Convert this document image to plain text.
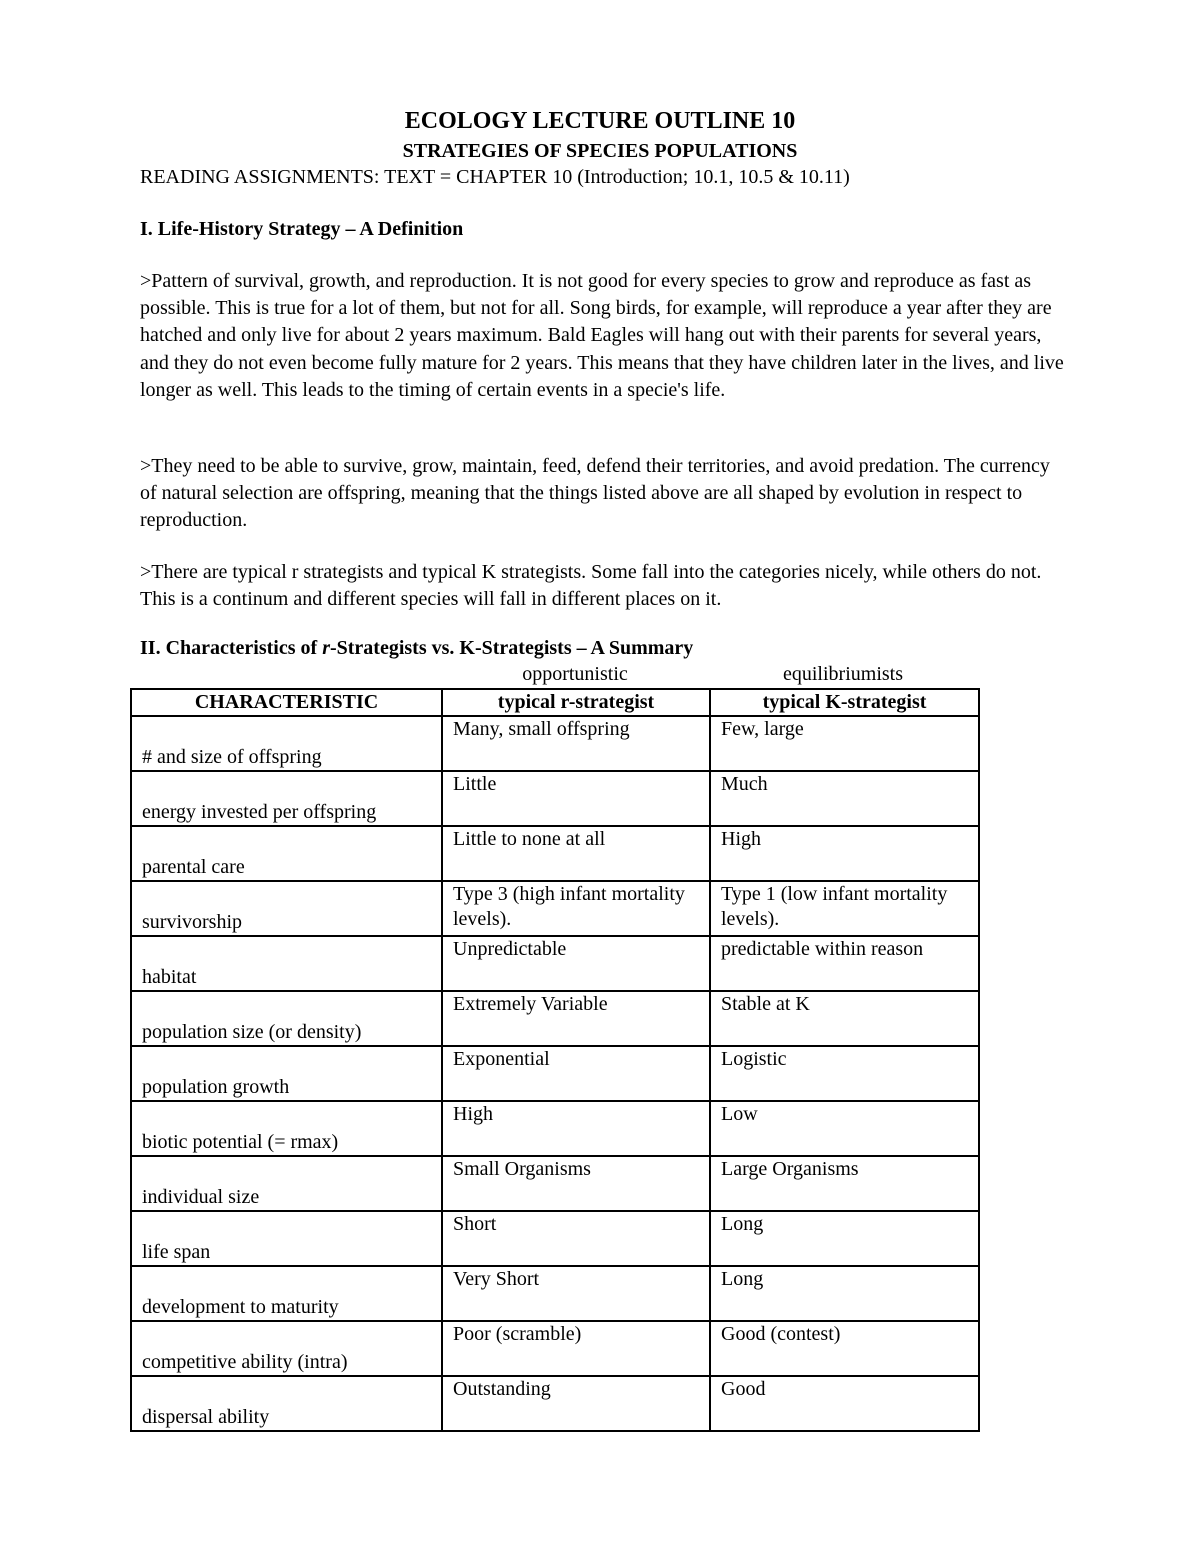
ECOLOGY LECTURE OUTLINE 10
STRATEGIES OF SPECIES POPULATIONS
READING ASSIGNMENTS: TEXT = CHAPTER 10 (Introduction; 10.1, 10.5 & 10.11)
I. Life-History Strategy – A Definition
>Pattern of survival, growth, and reproduction. It is not good for every species to grow and reproduce as fast as possible. This is true for a lot of them, but not for all. Song birds, for example, will reproduce a year after they are hatched and only live for about 2 years maximum. Bald Eagles will hang out with their parents for several years, and they do not even become fully mature for 2 years. This means that they have children later in the lives, and live longer as well. This leads to the timing of certain events in a specie's life.
>They need to be able to survive, grow, maintain, feed, defend their territories, and avoid predation. The currency of natural selection are offspring, meaning that the things listed above are all shaped by evolution in respect to reproduction.
>There are typical r strategists and typical K strategists. Some fall into the categories nicely, while others do not. This is a continum and different species will fall in different places on it.
II. Characteristics of r-Strategists vs. K-Strategists – A Summary
opportunistic	equilibriumists
CHARACTERISTIC	typical r-strategist	typical K-strategist
# and size of offspring	Many, small offspring	Few, large
energy invested per offspring	Little	Much
parental care	Little to none at all	High
survivorship	Type 3 (high infant mortality levels).	Type 1 (low infant mortality levels).
habitat	Unpredictable	predictable within reason
population size (or density)	Extremely Variable	Stable at K
population growth	Exponential	Logistic
biotic potential (= rmax)	High	Low
individual size	Small Organisms	Large Organisms
life span	Short	Long
development to maturity	Very Short	Long
competitive ability (intra)	Poor (scramble)	Good (contest)
dispersal ability	Outstanding	Good
